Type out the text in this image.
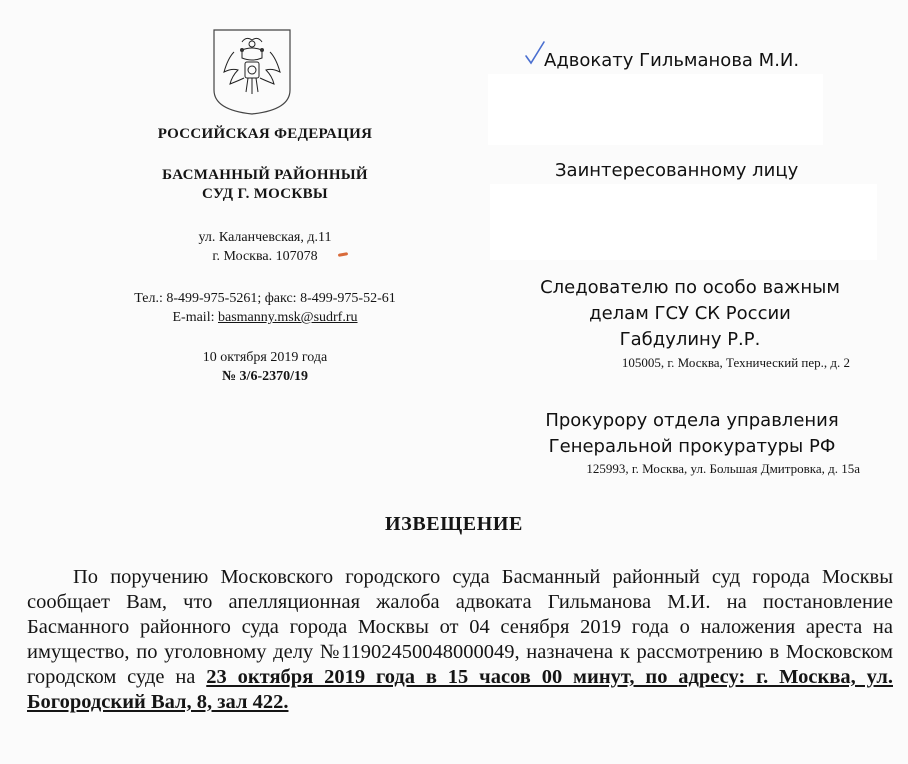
РОССИЙСКАЯ ФЕДЕРАЦИЯ
БАСМАННЫЙ РАЙОННЫЙ
СУД Г. МОСКВЫ
ул. Каланчевская, д.11
г. Москва. 107078
Тел.: 8-499-975-5261; факс: 8-499-975-52-61
E-mail: basmanny.msk@sudrf.ru
10 октября 2019 года
№ 3/6-2370/19
Адвокату Гильманова М.И.
Заинтересованному лицу
Следователю по особо важным
делам ГСУ СК России
Габдулину Р.Р.
105005, г. Москва, Технический пер., д. 2
Прокурору отдела управления
Генеральной прокуратуры РФ
125993, г. Москва, ул. Большая Дмитровка, д. 15а
ИЗВЕЩЕНИЕ
По поручению Московского городского суда Басманный районный суд города Москвы сообщает Вам, что апелляционная жалоба адвоката Гильманова М.И. на постановление Басманного районного суда города Москвы от 04 сенября 2019 года о наложения ареста на имущество, по уголовному делу №11902450048000049, назначена к рассмотрению в Московском городском суде на 23 октября 2019 года в 15 часов 00 минут, по адресу: г. Москва, ул. Богородский Вал, 8, зал 422.
